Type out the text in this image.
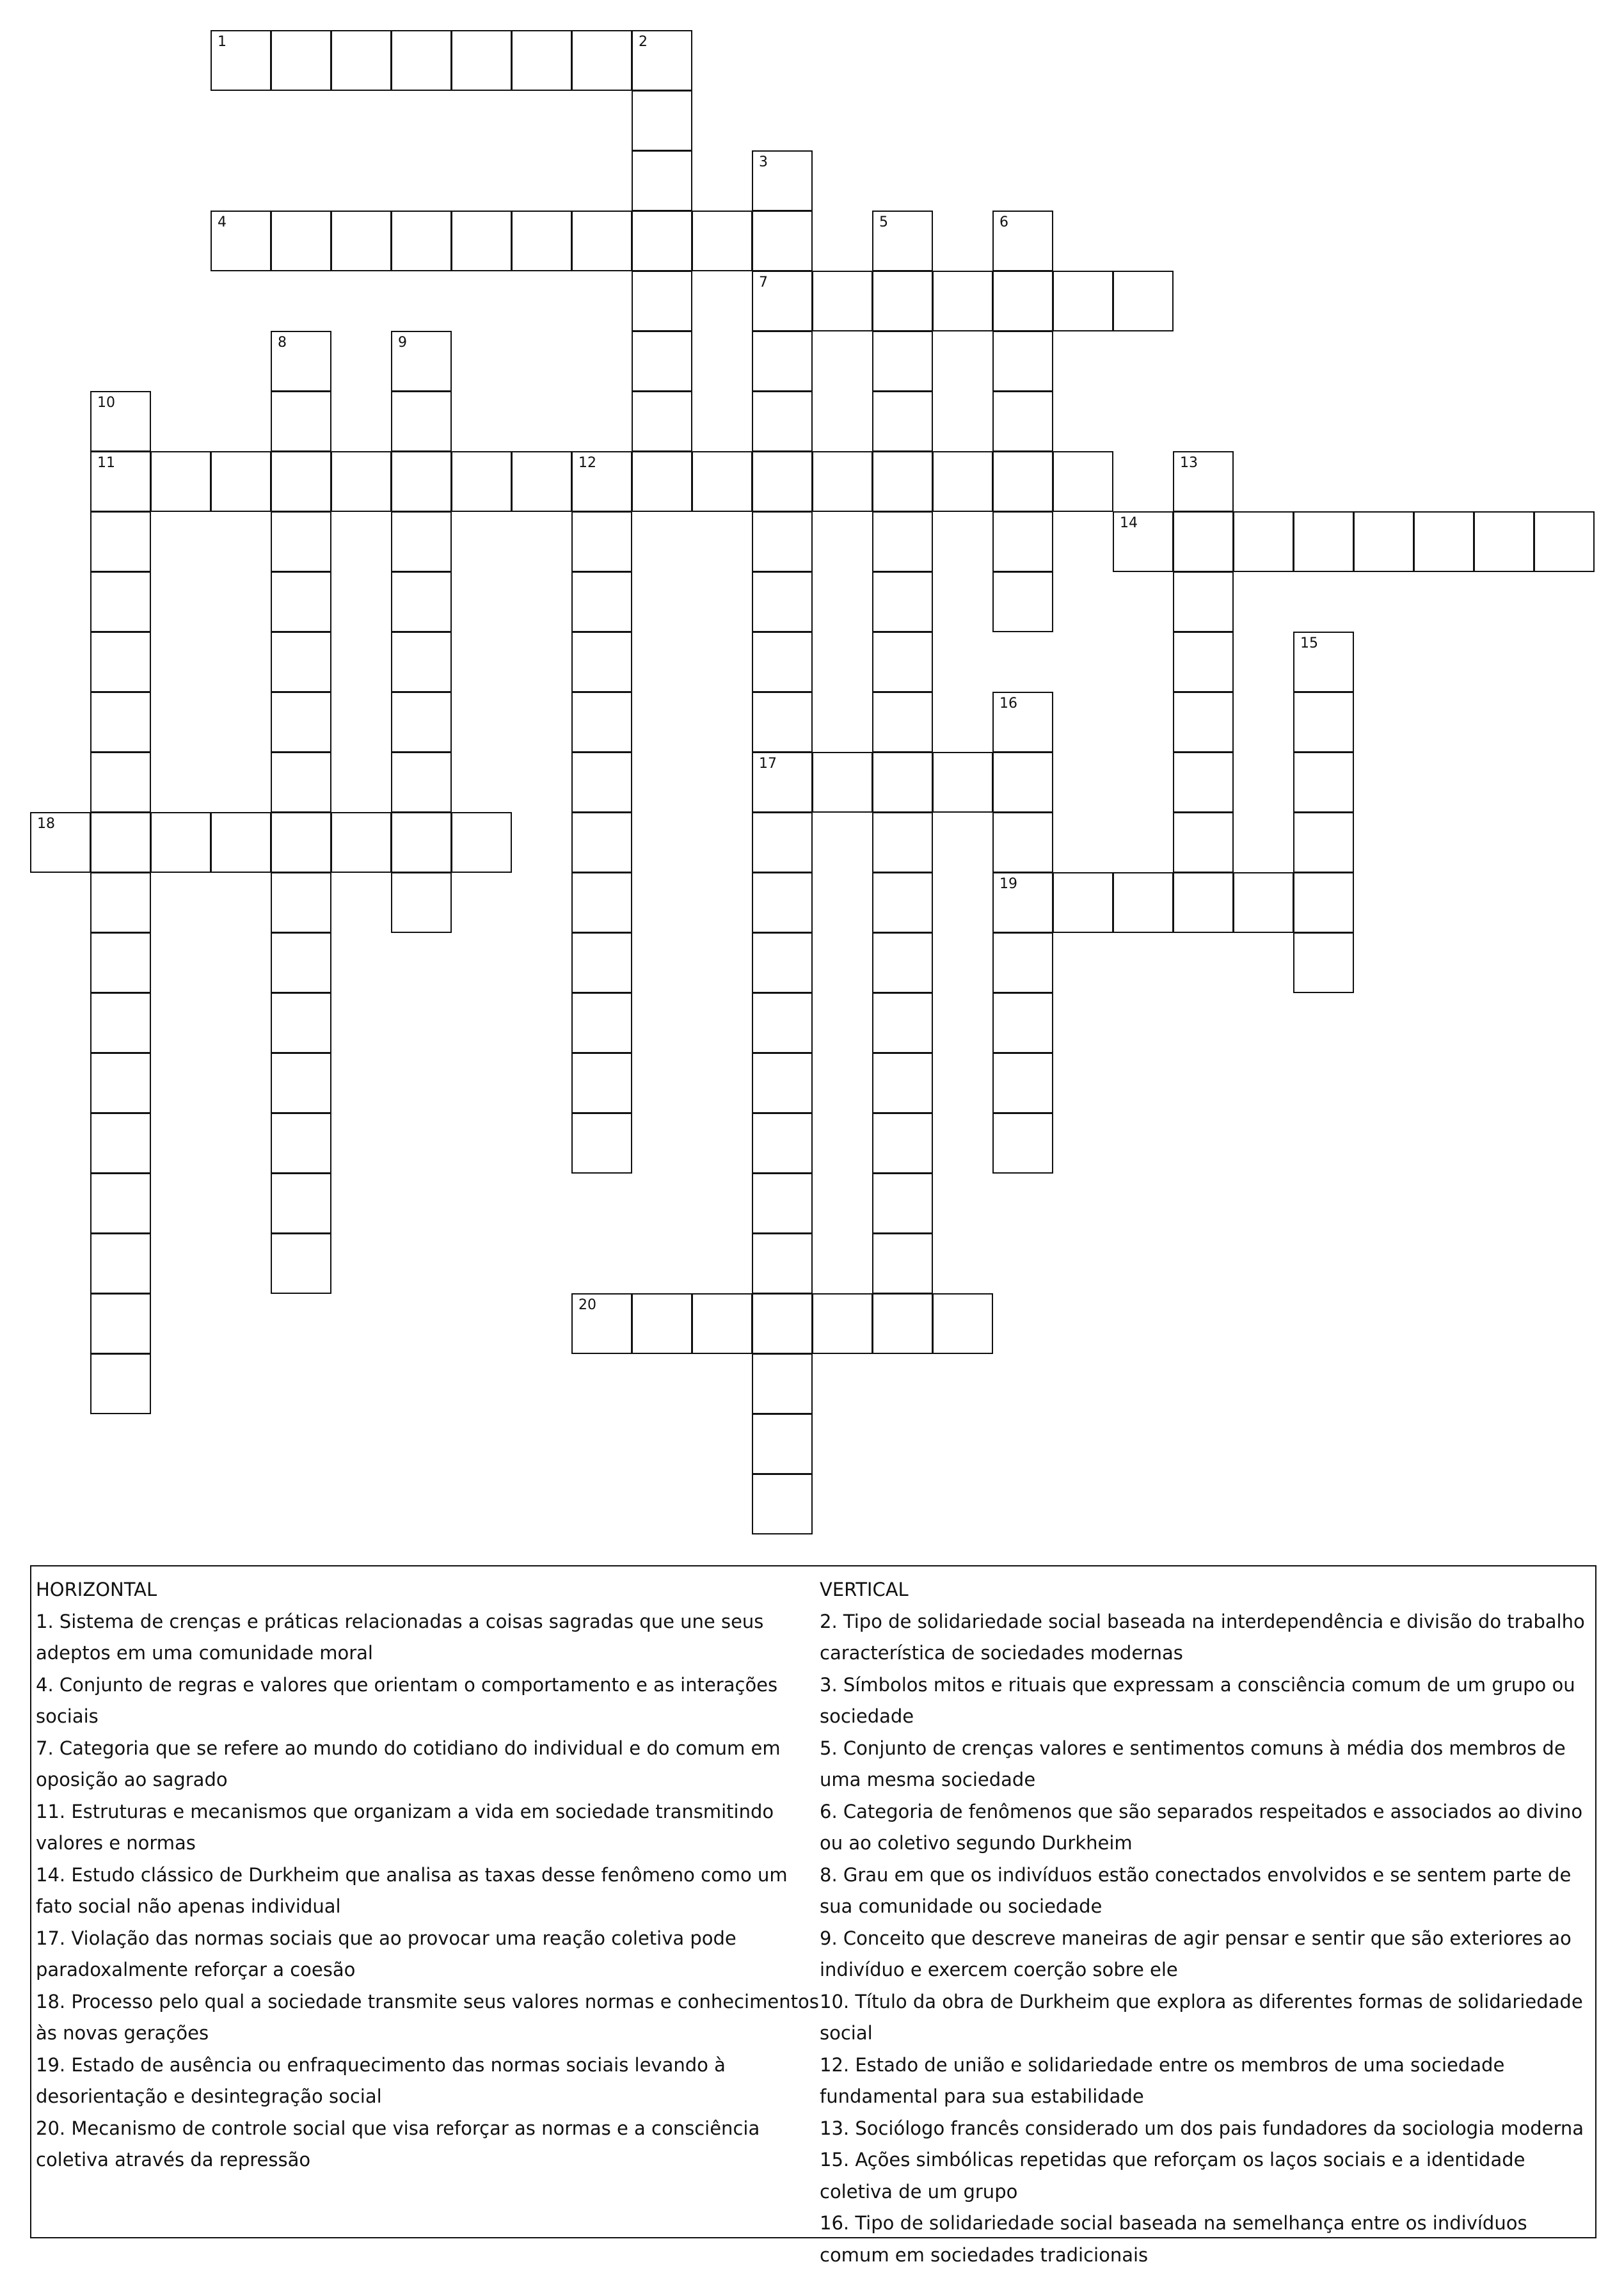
1	2
3
7
17
4	5	6
8	9
10
11	12	13
14
15
16
19
18
20
HORIZONTAL
1. Sistema de crenças e práticas relacionadas a coisas sagradas que une seus adeptos em uma comunidade moral
4. Conjunto de regras e valores que orientam o comportamento e as interações sociais
7. Categoria que se refere ao mundo do cotidiano do individual e do comum em oposição ao sagrado
11. Estruturas e mecanismos que organizam a vida em sociedade transmitindo valores e normas
14. Estudo clássico de Durkheim que analisa as taxas desse fenômeno como um fato social não apenas individual
17. Violação das normas sociais que ao provocar uma reação coletiva pode paradoxalmente reforçar a coesão
18. Processo pelo qual a sociedade transmite seus valores normas e conhecimentos às novas gerações
19. Estado de ausência ou enfraquecimento das normas sociais levando à desorientação e desintegração social
20. Mecanismo de controle social que visa reforçar as normas e a consciência coletiva através da repressão
VERTICAL
2. Tipo de solidariedade social baseada na interdependência e divisão do trabalho característica de sociedades modernas
3. Símbolos mitos e rituais que expressam a consciência comum de um grupo ou sociedade
5. Conjunto de crenças valores e sentimentos comuns à média dos membros de uma mesma sociedade
6. Categoria de fenômenos que são separados respeitados e associados ao divino ou ao coletivo segundo Durkheim
8. Grau em que os indivíduos estão conectados envolvidos e se sentem parte de sua comunidade ou sociedade
9. Conceito que descreve maneiras de agir pensar e sentir que são exteriores ao indivíduo e exercem coerção sobre ele
10. Título da obra de Durkheim que explora as diferentes formas de solidariedade social
12. Estado de união e solidariedade entre os membros de uma sociedade fundamental para sua estabilidade
13. Sociólogo francês considerado um dos pais fundadores da sociologia moderna
15. Ações simbólicas repetidas que reforçam os laços sociais e a identidade coletiva de um grupo
16. Tipo de solidariedade social baseada na semelhança entre os indivíduos comum em sociedades tradicionais
